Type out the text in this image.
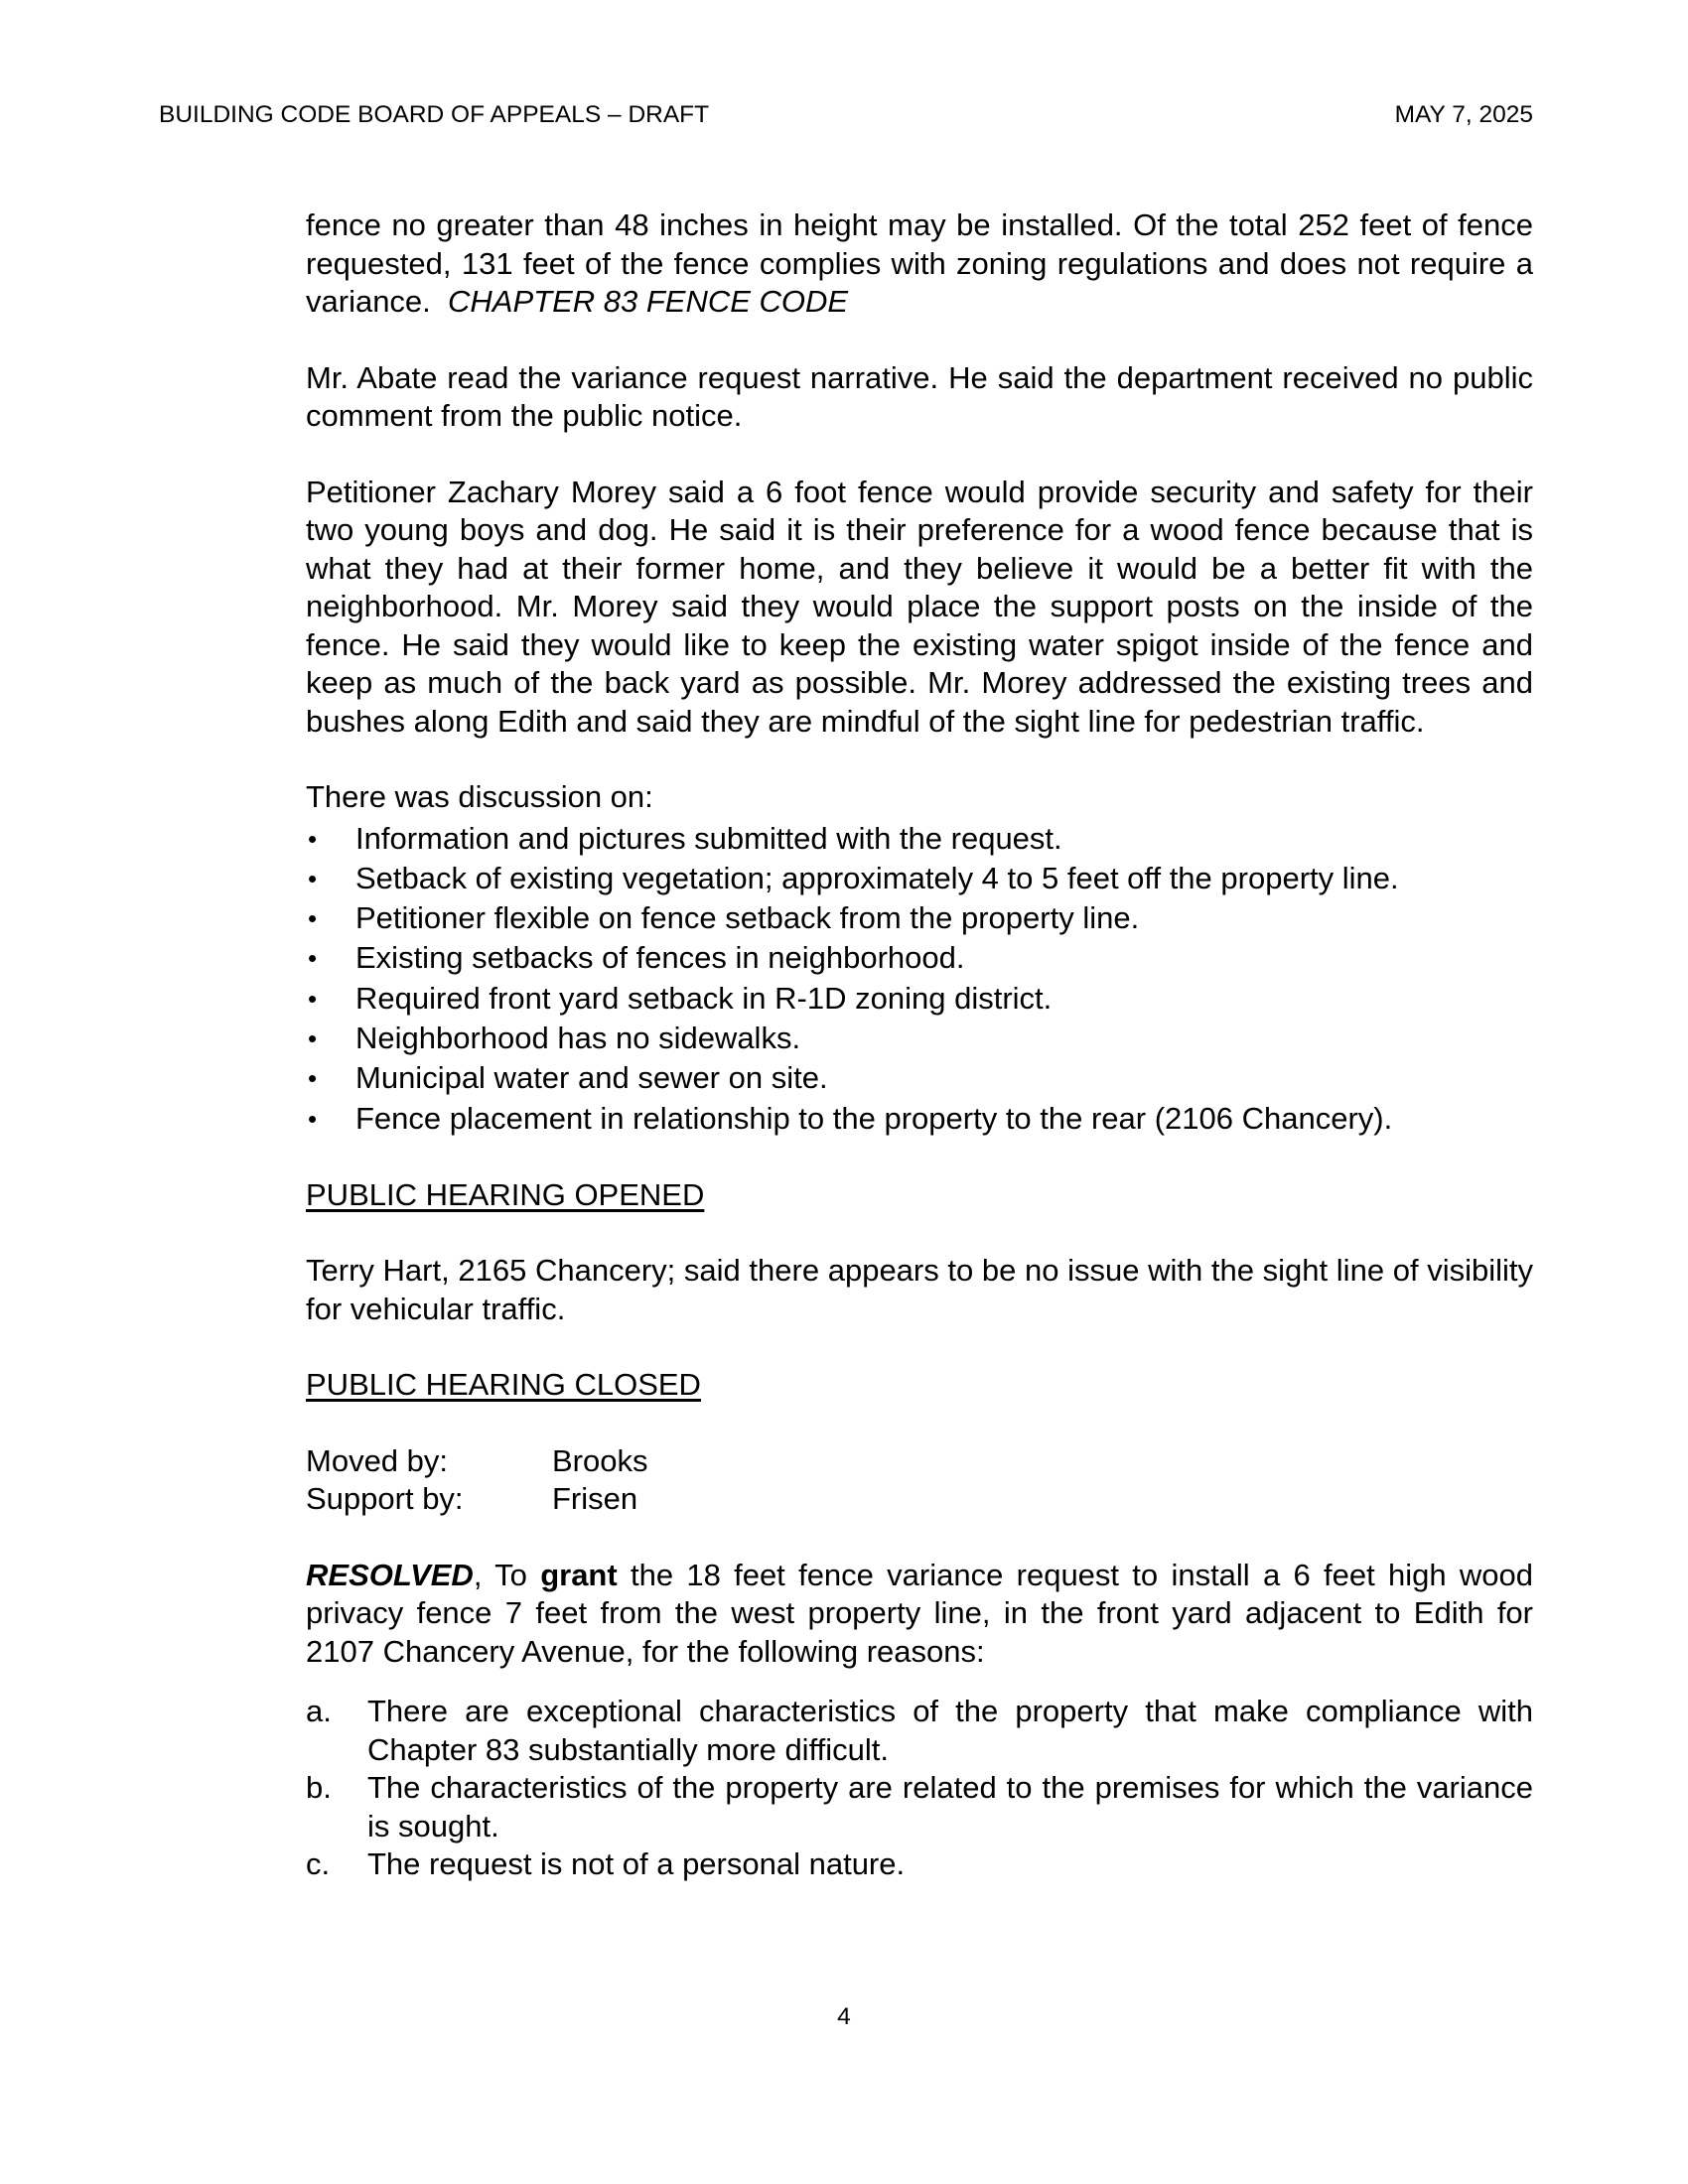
BUILDING CODE BOARD OF APPEALS – DRAFT	MAY 7, 2025

fence no greater than 48 inches in height may be installed. Of the total 252 feet of fence requested, 131 feet of the fence complies with zoning regulations and does not require a variance. CHAPTER 83 FENCE CODE

Mr. Abate read the variance request narrative. He said the department received no public comment from the public notice.

Petitioner Zachary Morey said a 6 foot fence would provide security and safety for their two young boys and dog. He said it is their preference for a wood fence because that is what they had at their former home, and they believe it would be a better fit with the neighborhood. Mr. Morey said they would place the support posts on the inside of the fence. He said they would like to keep the existing water spigot inside of the fence and keep as much of the back yard as possible. Mr. Morey addressed the existing trees and bushes along Edith and said they are mindful of the sight line for pedestrian traffic.

There was discussion on:

• Information and pictures submitted with the request.
• Setback of existing vegetation; approximately 4 to 5 feet off the property line.
• Petitioner flexible on fence setback from the property line.
• Existing setbacks of fences in neighborhood.
• Required front yard setback in R-1D zoning district.
• Neighborhood has no sidewalks.
• Municipal water and sewer on site.
• Fence placement in relationship to the property to the rear (2106 Chancery).

PUBLIC HEARING OPENED

Terry Hart, 2165 Chancery; said there appears to be no issue with the sight line of visibility for vehicular traffic.

PUBLIC HEARING CLOSED

Moved by:	Brooks
Support by:	Frisen

RESOLVED, To grant the 18 feet fence variance request to install a 6 feet high wood privacy fence 7 feet from the west property line, in the front yard adjacent to Edith for 2107 Chancery Avenue, for the following reasons:

a. There are exceptional characteristics of the property that make compliance with Chapter 83 substantially more difficult.
b. The characteristics of the property are related to the premises for which the variance is sought.
c. The request is not of a personal nature.
4
